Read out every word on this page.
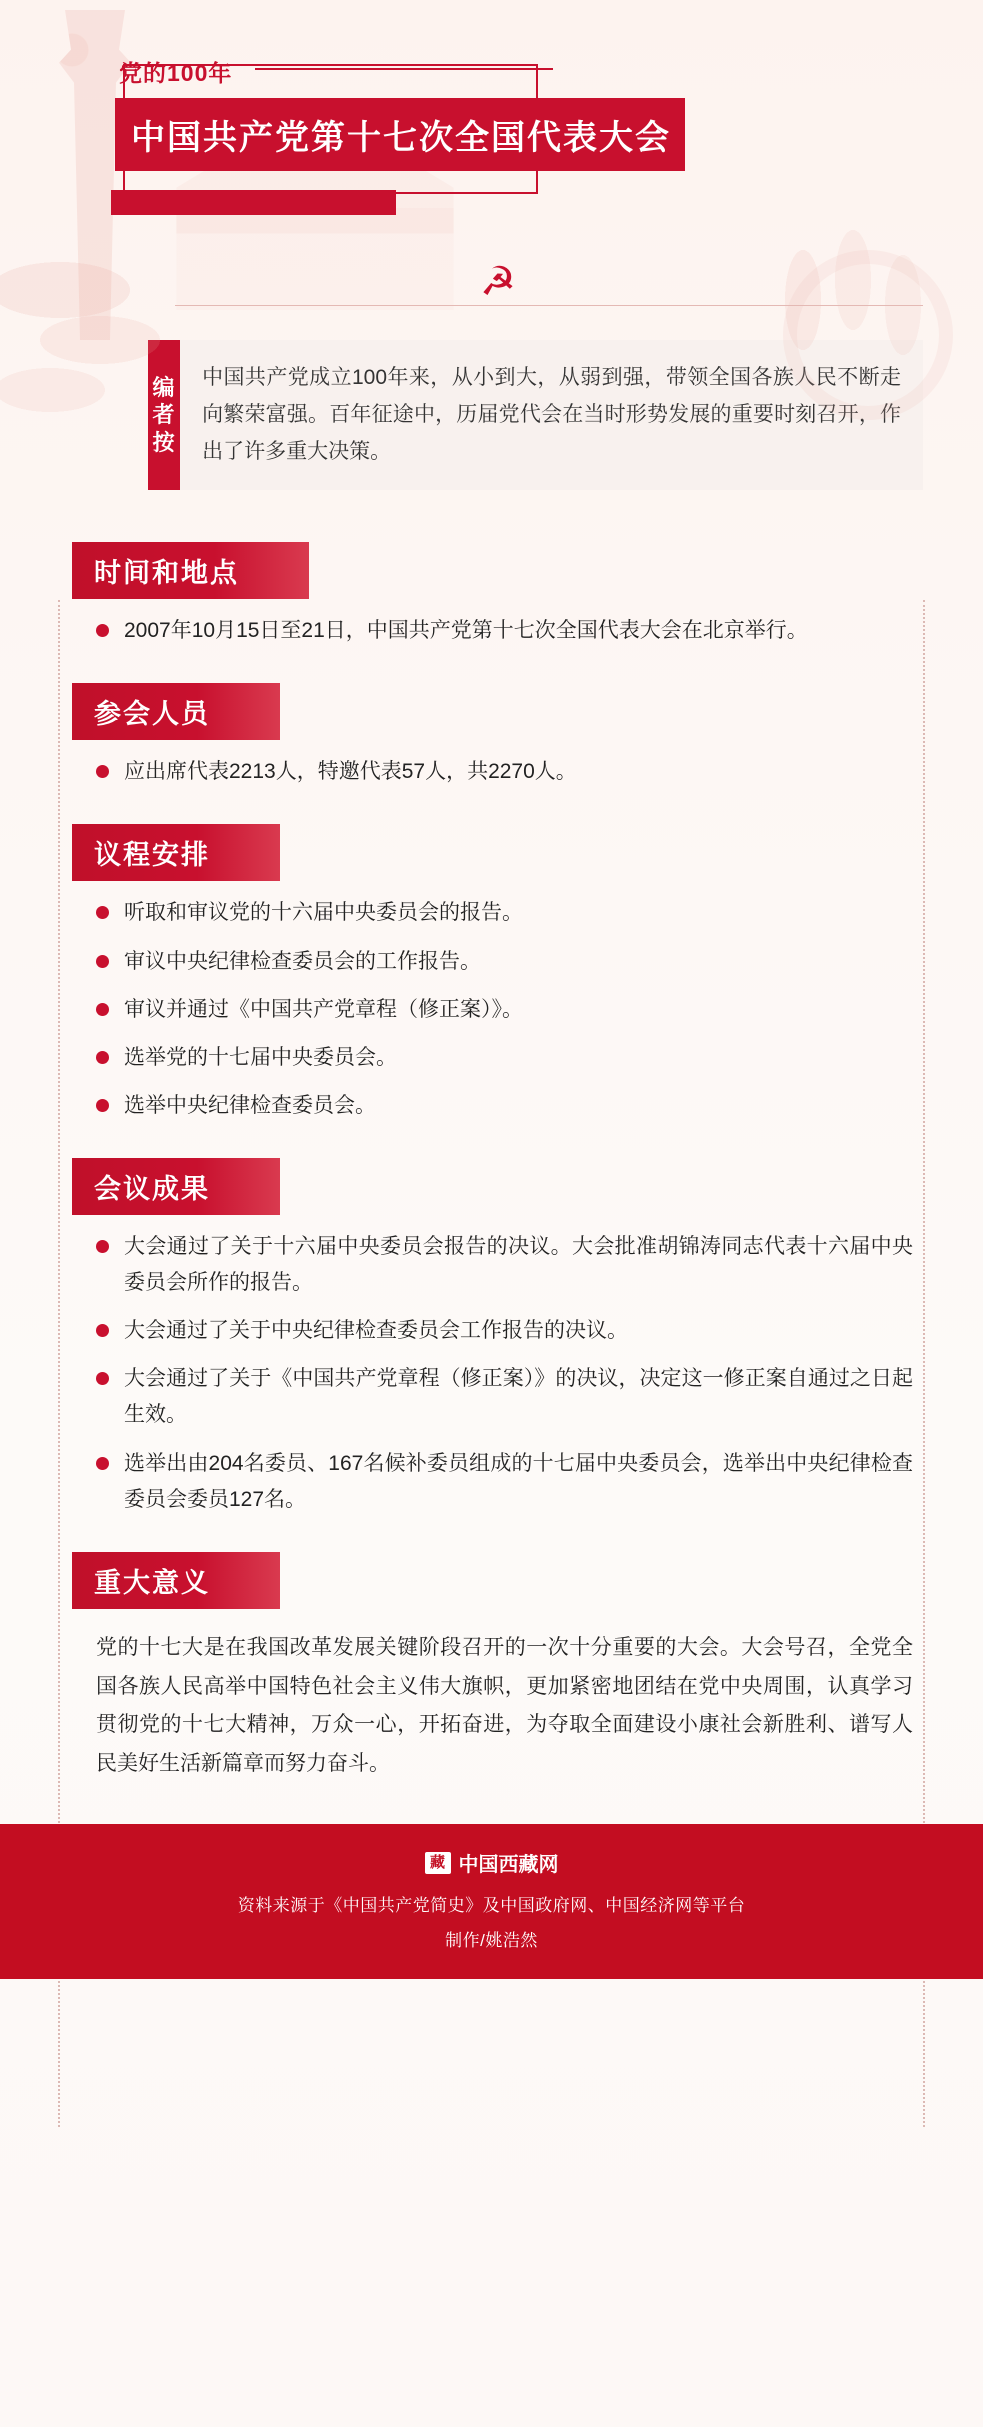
党的100年
中国共产党第十七次全国代表大会
☭
编者按
中国共产党成立100年来，从小到大，从弱到强，带领全国各族人民不断走向繁荣富强。百年征途中，历届党代会在当时形势发展的重要时刻召开，作出了许多重大决策。
时间和地点
2007年10月15日至21日，中国共产党第十七次全国代表大会在北京举行。
参会人员
应出席代表2213人，特邀代表57人，共2270人。
议程安排
听取和审议党的十六届中央委员会的报告。
审议中央纪律检查委员会的工作报告。
审议并通过《中国共产党章程（修正案）》。
选举党的十七届中央委员会。
选举中央纪律检查委员会。
会议成果
大会通过了关于十六届中央委员会报告的决议。大会批准胡锦涛同志代表十六届中央委员会所作的报告。
大会通过了关于中央纪律检查委员会工作报告的决议。
大会通过了关于《中国共产党章程（修正案）》的决议，决定这一修正案自通过之日起生效。
选举出由204名委员、167名候补委员组成的十七届中央委员会，选举出中央纪律检查委员会委员127名。
重大意义
党的十七大是在我国改革发展关键阶段召开的一次十分重要的大会。大会号召，全党全国各族人民高举中国特色社会主义伟大旗帜，更加紧密地团结在党中央周围，认真学习贯彻党的十七大精神，万众一心，开拓奋进，为夺取全面建设小康社会新胜利、谱写人民美好生活新篇章而努力奋斗。
藏 中国西藏网
资料来源于《中国共产党简史》及中国政府网、中国经济网等平台
制作/姚浩然
